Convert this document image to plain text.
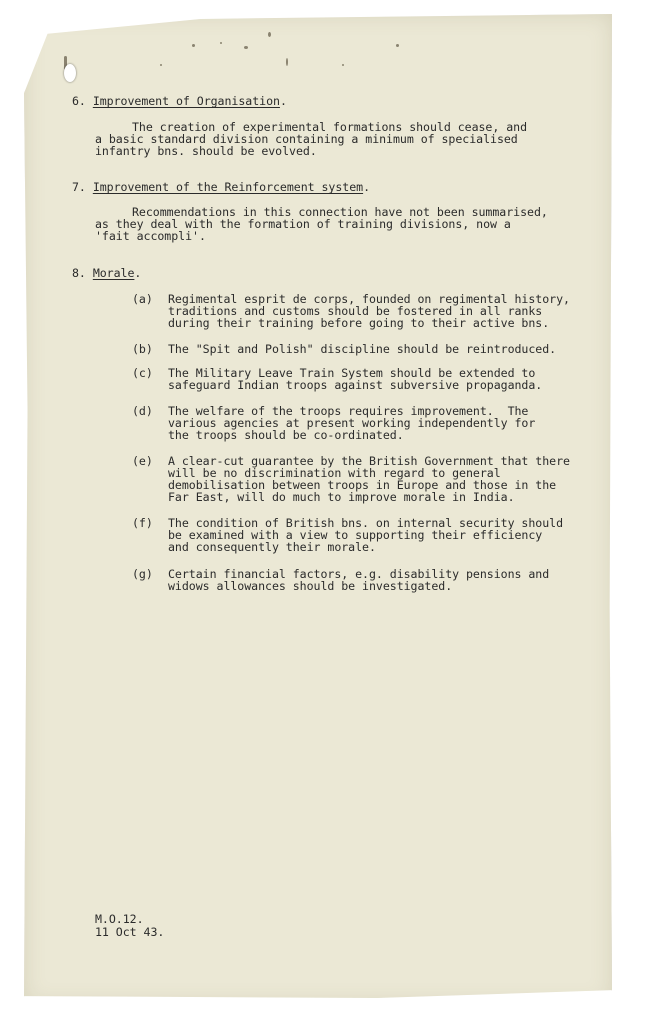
6. Improvement of Organisation.
The creation of experimental formations should cease, and
a basic standard division containing a minimum of specialised
infantry bns. should be evolved.
7. Improvement of the Reinforcement system.
Recommendations in this connection have not been summarised,
as they deal with the formation of training divisions, now a
'fait accompli'.
8. Morale.
(a) Regimental esprit de corps, founded on regimental history,
traditions and customs should be fostered in all ranks
during their training before going to their active bns.
(b) The "Spit and Polish" discipline should be reintroduced.
(c) The Military Leave Train System should be extended to
safeguard Indian troops against subversive propaganda.
(d) The welfare of the troops requires improvement.  The
various agencies at present working independently for
the troops should be co-ordinated.
(e) A clear-cut guarantee by the British Government that there
will be no discrimination with regard to general
demobilisation between troops in Europe and those in the
Far East, will do much to improve morale in India.
(f) The condition of British bns. on internal security should
be examined with a view to supporting their efficiency
and consequently their morale.
(g) Certain financial factors, e.g. disability pensions and
widows allowances should be investigated.
M.O.12.
11 Oct 43.
